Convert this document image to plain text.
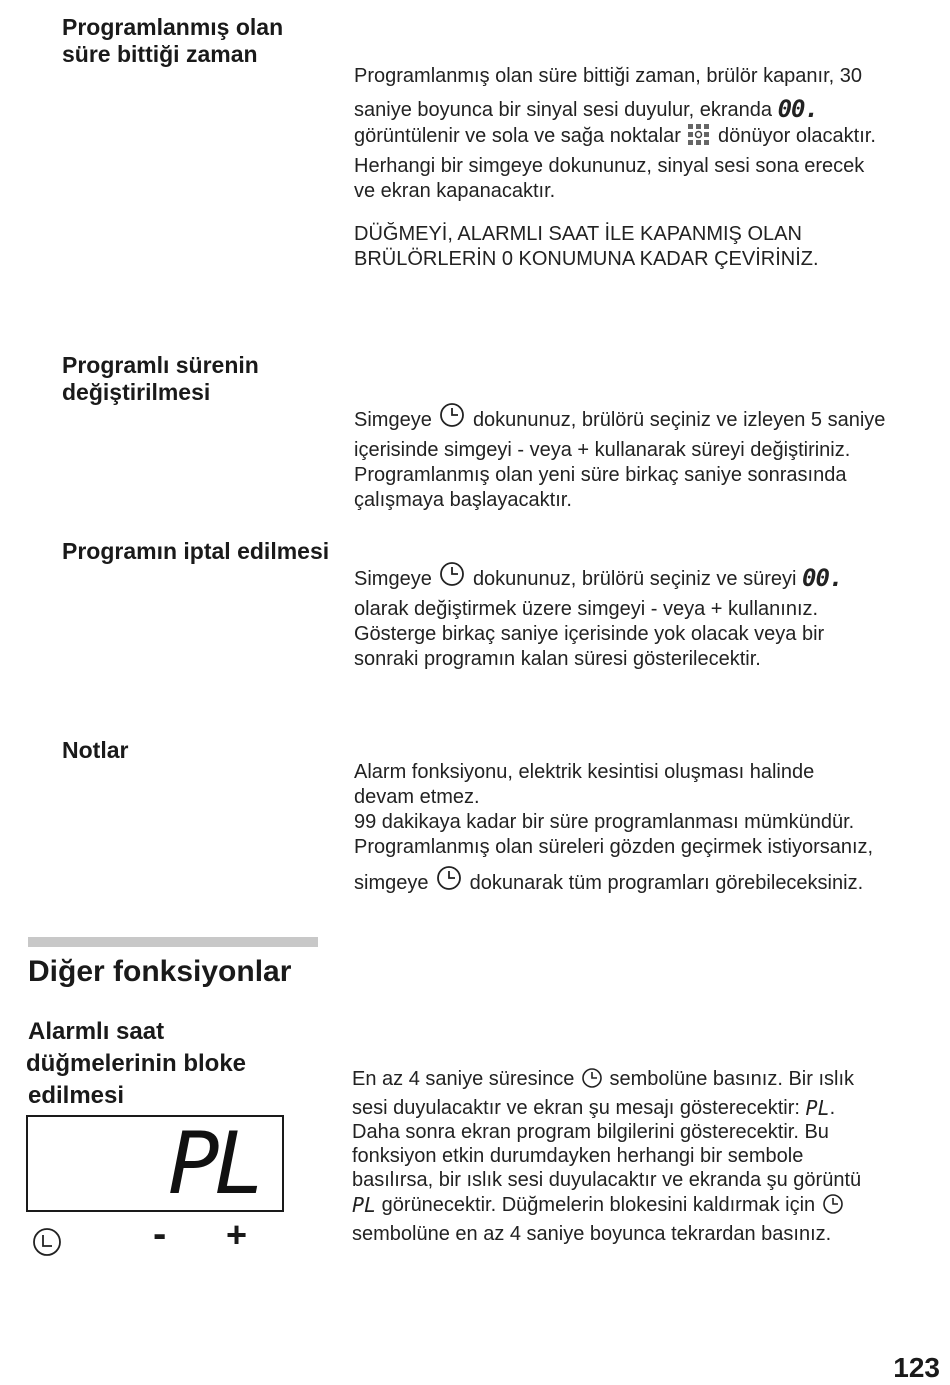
Programlanmış olan
süre bittiği zaman
Programlanmış olan süre bittiği zaman, brülör kapanır, 30
saniye boyunca bir sinyal sesi duyulur, ekranda 00.
görüntülenir ve sola ve sağa noktalar dönüyor olacaktır.
Herhangi bir simgeye dokununuz, sinyal sesi sona erecek
ve ekran kapanacaktır.
DÜĞMEYİ, ALARMLI SAAT İLE KAPANMIŞ OLAN
BRÜLÖRLERİN 0 KONUMUNA KADAR ÇEVİRİNİZ.
Programlı sürenin
değiştirilmesi
Simgeye dokununuz, brülörü seçiniz ve izleyen 5 saniye
içerisinde simgeyi - veya + kullanarak süreyi değiştiriniz.
Programlanmış olan yeni süre birkaç saniye sonrasında
çalışmaya başlayacaktır.
Programın iptal edilmesi
Simgeye dokununuz, brülörü seçiniz ve süreyi 00.
olarak değiştirmek üzere simgeyi - veya + kullanınız.
Gösterge birkaç saniye içerisinde yok olacak veya bir
sonraki programın kalan süresi gösterilecektir.
Notlar
Alarm fonksiyonu, elektrik kesintisi oluşması halinde
devam etmez.
99 dakikaya kadar bir süre programlanması mümkündür.
Programlanmış olan süreleri gözden geçirmek istiyorsanız,
simgeye dokunarak tüm programları görebileceksiniz.
Diğer fonksiyonlar
Alarmlı saat
düğmelerinin bloke
edilmesi
PL
- +
En az 4 saniye süresince sembolüne basınız. Bir ıslık
sesi duyulacaktır ve ekran şu mesajı gösterecektir: PL.
Daha sonra ekran program bilgilerini gösterecektir. Bu
fonksiyon etkin durumdayken herhangi bir sembole
basılırsa, bir ıslık sesi duyulacaktır ve ekranda şu görüntü
PL görünecektir. Düğmelerin blokesini kaldırmak için
sembolüne en az 4 saniye boyunca tekrardan basınız.
123
